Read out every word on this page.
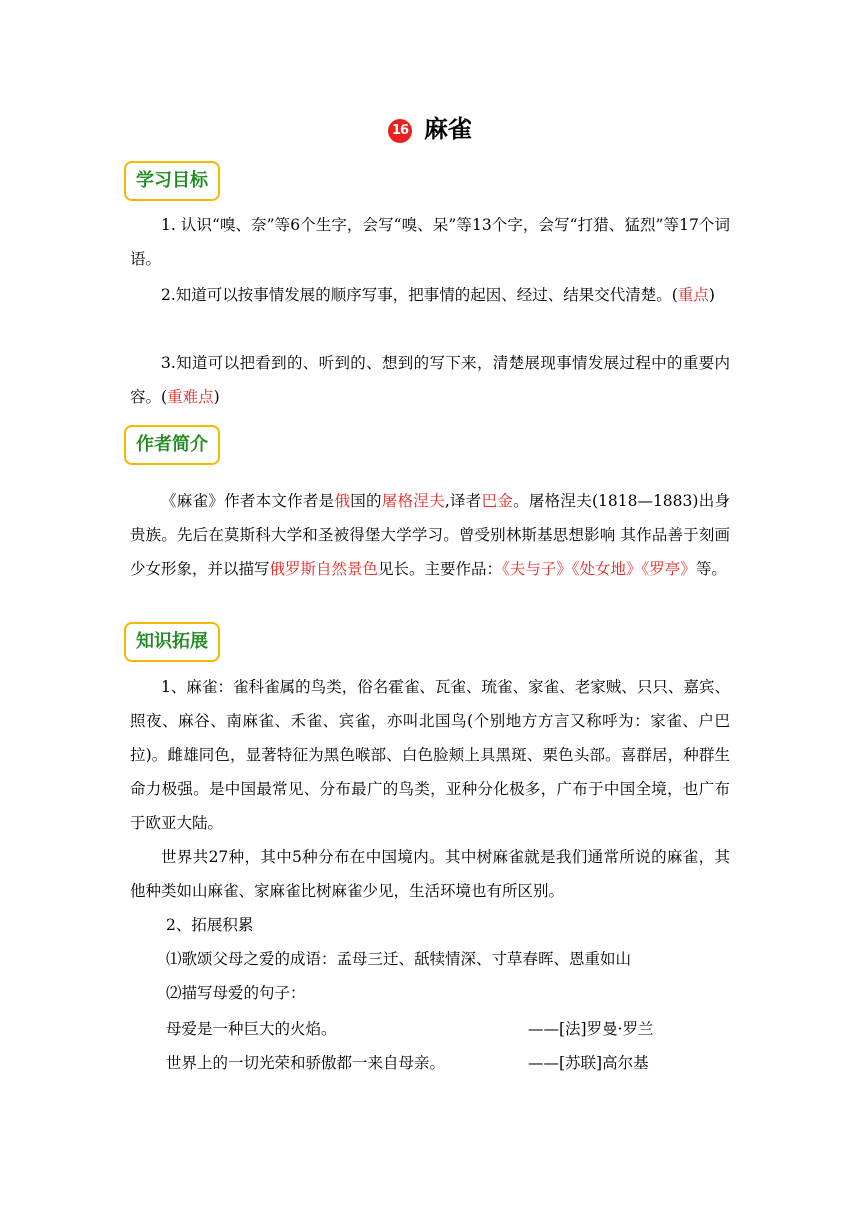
16 麻雀
学习目标

1. 认识“嗅、奈”等6个生字，会写“嗅、呆”等13个字，会写“打猎、猛烈”等17个词语。

2.知道可以按事情发展的顺序写事，把事情的起因、经过、结果交代清楚。(重点)

3.知道可以把看到的、听到的、想到的写下来，清楚展现事情发展过程中的重要内容。(重难点)

作者简介

《麻雀》作者本文作者是俄国的屠格涅夫,译者巴金。屠格涅夫(1818—1883)出身贵族。先后在莫斯科大学和圣被得堡大学学习。曾受别林斯基思想影响 其作品善于刻画少女形象，并以描写俄罗斯自然景色见长。主要作品：《夫与子》《处女地》《罗亭》等。

知识拓展

1、麻雀：雀科雀属的鸟类，俗名霍雀、瓦雀、琉雀、家雀、老家贼、只只、嘉宾、照夜、麻谷、南麻雀、禾雀、宾雀，亦叫北国鸟(个别地方方言又称呼为：家雀、户巴拉)。雌雄同色，显著特征为黑色喉部、白色脸颊上具黑斑、栗色头部。喜群居，种群生命力极强。是中国最常见、分布最广的鸟类，亚种分化极多，广布于中国全境，也广布于欧亚大陆。

世界共27种，其中5种分布在中国境内。其中树麻雀就是我们通常所说的麻雀，其他种类如山麻雀、家麻雀比树麻雀少见，生活环境也有所区别。

2、拓展积累

⑴歌颂父母之爱的成语：孟母三迁、舐犊情深、寸草春晖、恩重如山

⑵描写母爱的句子：

母爱是一种巨大的火焰。	——[法]罗曼·罗兰

世界上的一切光荣和骄傲都一来自母亲。	——[苏联]高尔基
